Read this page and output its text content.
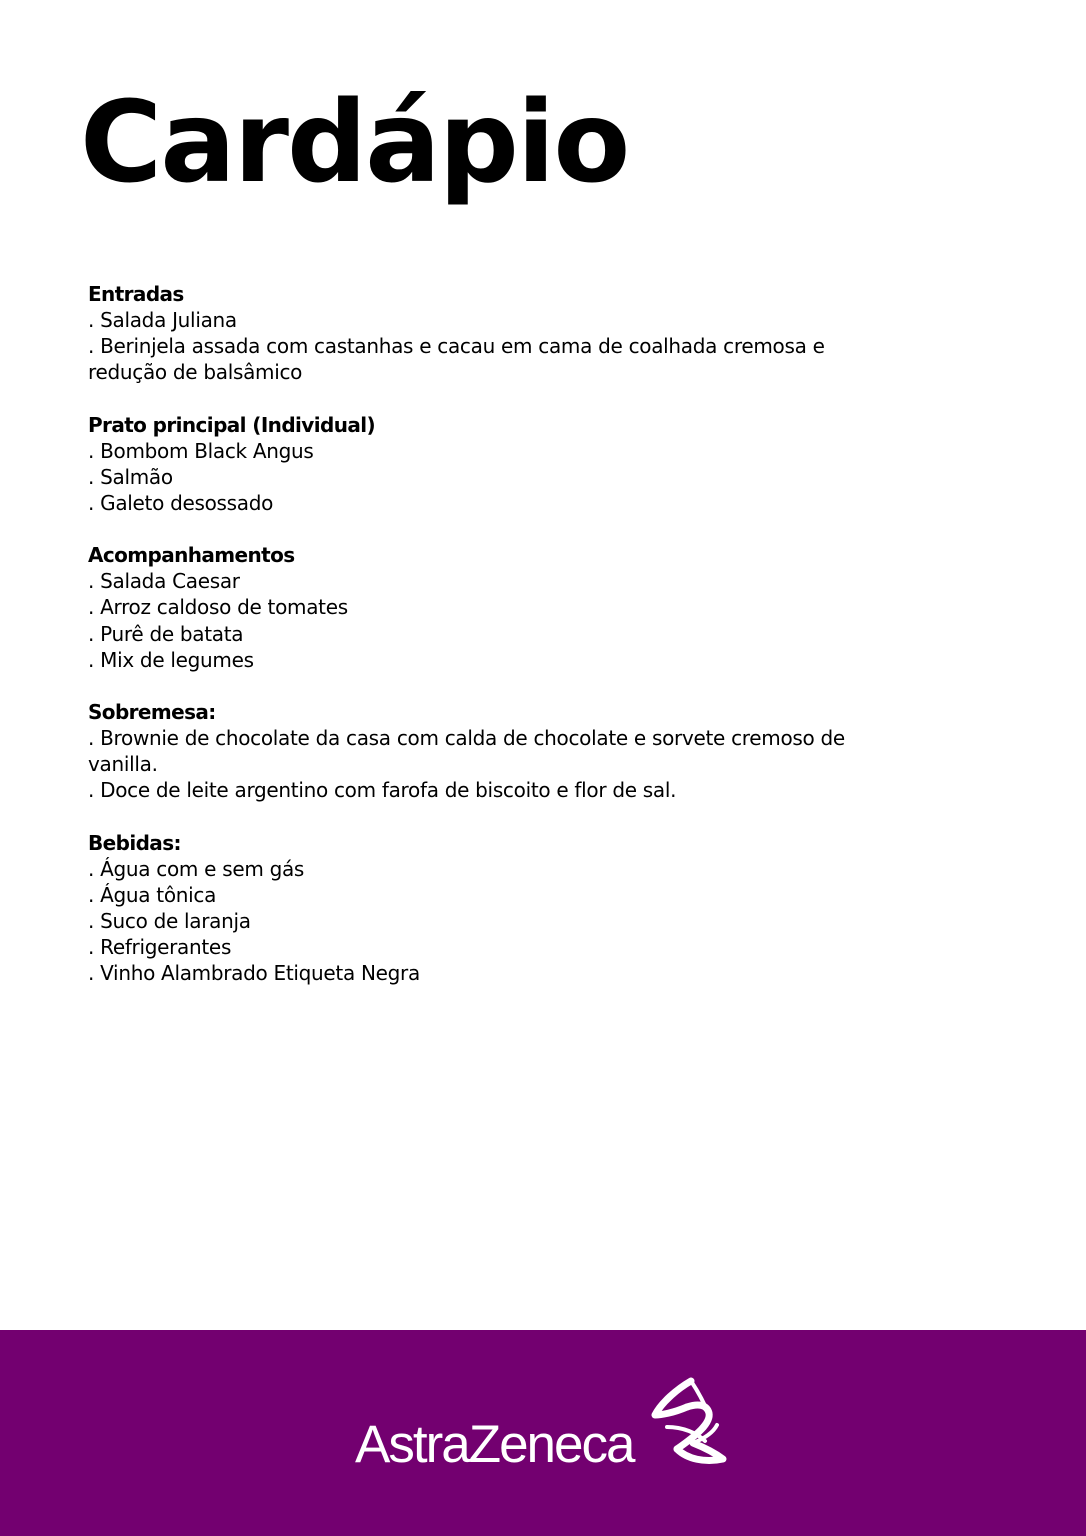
Cardápio
Entradas
. Salada Juliana
. Berinjela assada com castanhas e cacau em cama de coalhada cremosa e
redução de balsâmico
Prato principal (Individual)
. Bombom Black Angus
. Salmão
. Galeto desossado
Acompanhamentos
. Salada Caesar
. Arroz caldoso de tomates
. Purê de batata
. Mix de legumes
Sobremesa:
. Brownie de chocolate da casa com calda de chocolate e sorvete cremoso de
vanilla.
. Doce de leite argentino com farofa de biscoito e flor de sal.
Bebidas:
. Água com e sem gás
. Água tônica
. Suco de laranja
. Refrigerantes
. Vinho Alambrado Etiqueta Negra
AstraZeneca
